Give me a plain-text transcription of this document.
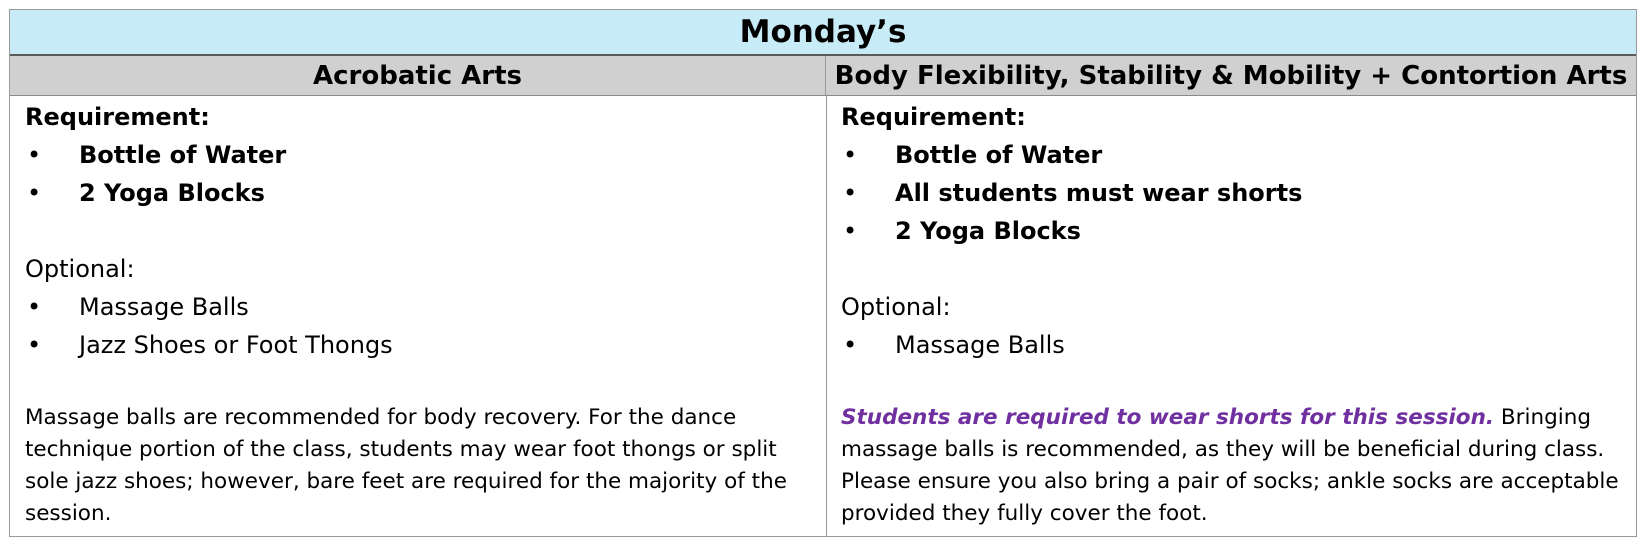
Monday’s
Acrobatic Arts	Body Flexibility, Stability & Mobility + Contortion Arts
Requirement:
• Bottle of Water
• 2 Yoga Blocks
Optional:
• Massage Balls
• Jazz Shoes or Foot Thongs
Massage balls are recommended for body recovery. For the dance technique portion of the class, students may wear foot thongs or split sole jazz shoes; however, bare feet are required for the majority of the session.
Requirement:
• Bottle of Water
• All students must wear shorts
• 2 Yoga Blocks
Optional:
• Massage Balls
Students are required to wear shorts for this session. Bringing massage balls is recommended, as they will be beneficial during class. Please ensure you also bring a pair of socks; ankle socks are acceptable provided they fully cover the foot.
